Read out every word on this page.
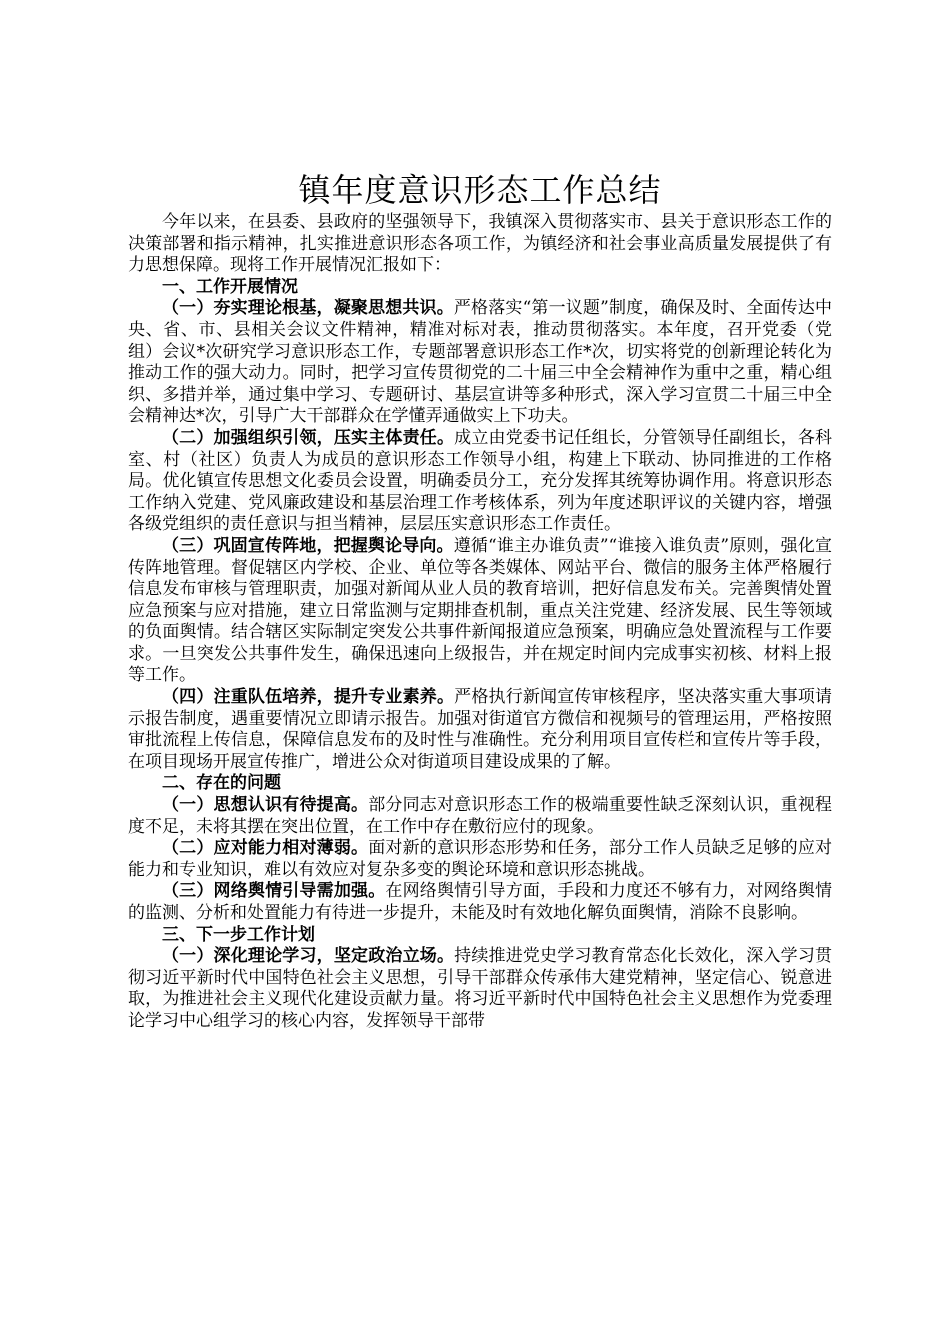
镇年度意识形态工作总结

今年以来，在县委、县政府的坚强领导下，我镇深入贯彻落实市、县关于意识形态工作的决策部署和指示精神，扎实推进意识形态各项工作，为镇经济和社会事业高质量发展提供了有力思想保障。现将工作开展情况汇报如下：

一、工作开展情况

（一）夯实理论根基，凝聚思想共识。严格落实“第一议题”制度，确保及时、全面传达中央、省、市、县相关会议文件精神，精准对标对表，推动贯彻落实。本年度，召开党委（党组）会议*次研究学习意识形态工作，专题部署意识形态工作*次，切实将党的创新理论转化为推动工作的强大动力。同时，把学习宣传贯彻党的二十届三中全会精神作为重中之重，精心组织、多措并举，通过集中学习、专题研讨、基层宣讲等多种形式，深入学习宣贯二十届三中全会精神达*次，引导广大干部群众在学懂弄通做实上下功夫。

（二）加强组织引领，压实主体责任。成立由党委书记任组长，分管领导任副组长，各科室、村（社区）负责人为成员的意识形态工作领导小组，构建上下联动、协同推进的工作格局。优化镇宣传思想文化委员会设置，明确委员分工，充分发挥其统筹协调作用。将意识形态工作纳入党建、党风廉政建设和基层治理工作考核体系，列为年度述职评议的关键内容，增强各级党组织的责任意识与担当精神，层层压实意识形态工作责任。

（三）巩固宣传阵地，把握舆论导向。遵循“谁主办谁负责”“谁接入谁负责”原则，强化宣传阵地管理。督促辖区内学校、企业、单位等各类媒体、网站平台、微信的服务主体严格履行信息发布审核与管理职责，加强对新闻从业人员的教育培训，把好信息发布关。完善舆情处置应急预案与应对措施，建立日常监测与定期排查机制，重点关注党建、经济发展、民生等领域的负面舆情。结合辖区实际制定突发公共事件新闻报道应急预案，明确应急处置流程与工作要求。一旦突发公共事件发生，确保迅速向上级报告，并在规定时间内完成事实初核、材料上报等工作。

（四）注重队伍培养，提升专业素养。严格执行新闻宣传审核程序，坚决落实重大事项请示报告制度，遇重要情况立即请示报告。加强对街道官方微信和视频号的管理运用，严格按照审批流程上传信息，保障信息发布的及时性与准确性。充分利用项目宣传栏和宣传片等手段，在项目现场开展宣传推广，增进公众对街道项目建设成果的了解。

二、存在的问题

（一）思想认识有待提高。部分同志对意识形态工作的极端重要性缺乏深刻认识，重视程度不足，未将其摆在突出位置，在工作中存在敷衍应付的现象。

（二）应对能力相对薄弱。面对新的意识形态形势和任务，部分工作人员缺乏足够的应对能力和专业知识，难以有效应对复杂多变的舆论环境和意识形态挑战。

（三）网络舆情引导需加强。在网络舆情引导方面，手段和力度还不够有力，对网络舆情的监测、分析和处置能力有待进一步提升，未能及时有效地化解负面舆情，消除不良影响。

三、下一步工作计划

（一）深化理论学习，坚定政治立场。持续推进党史学习教育常态化长效化，深入学习贯彻习近平新时代中国特色社会主义思想，引导干部群众传承伟大建党精神，坚定信心、锐意进取，为推进社会主义现代化建设贡献力量。将习近平新时代中国特色社会主义思想作为党委理论学习中心组学习的核心内容，发挥领导干部带
